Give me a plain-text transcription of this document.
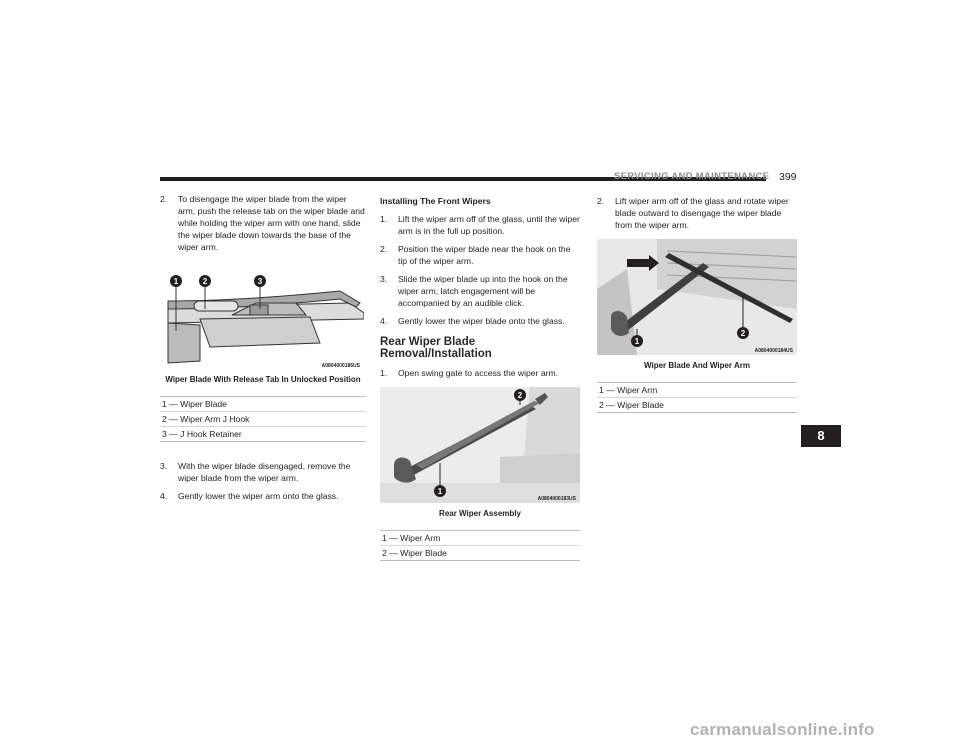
SERVICING AND MAINTENANCE 399
2. To disengage the wiper blade from the wiper arm, push the release tab on the wiper blade and while holding the wiper arm with one hand, slide the wiper blade down towards the base of the wiper arm.
1	2	3
A0804000186US
Wiper Blade With Release Tab In Unlocked Position
1 — Wiper Blade
2 — Wiper Arm J Hook
3 — J Hook Retainer
3. With the wiper blade disengaged, remove the wiper blade from the wiper arm.
4. Gently lower the wiper arm onto the glass.
Installing The Front Wipers
1. Lift the wiper arm off of the glass, until the wiper arm is in the full up position.
2. Position the wiper blade near the hook on the tip of the wiper arm.
3. Slide the wiper blade up into the hook on the wiper arm, latch engagement will be accompanied by an audible click.
4. Gently lower the wiper blade onto the glass.
Rear Wiper Blade Removal/Installation
1. Open swing gate to access the wiper arm.
1
2
A0804000183US
Rear Wiper Assembly
1 — Wiper Arm
2 — Wiper Blade
2. Lift wiper arm off of the glass and rotate wiper blade outward to disengage the wiper blade from the wiper arm.
1
2
A0804000184US
Wiper Blade And Wiper Arm
1 — Wiper Arm
2 — Wiper Blade
8
carmanualsonline.info
